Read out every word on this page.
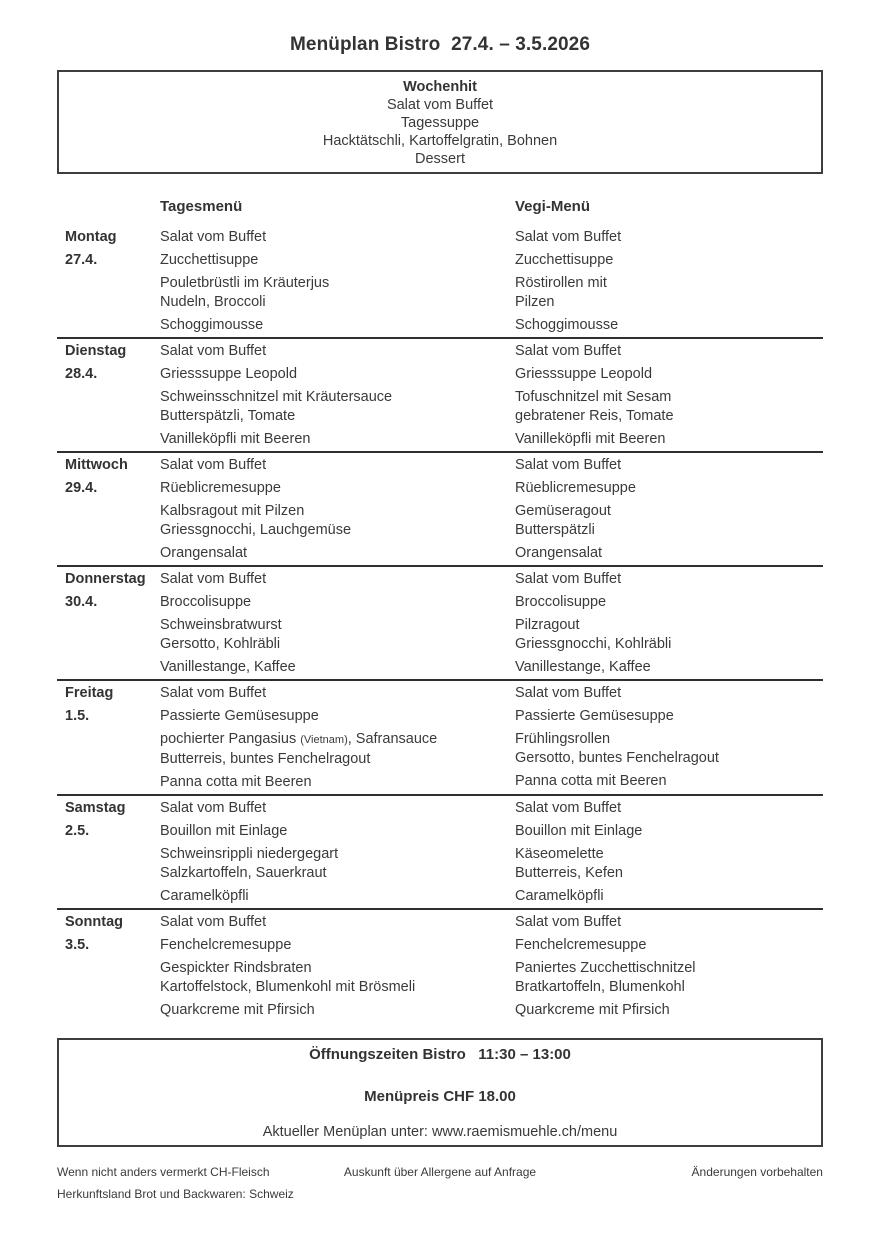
Menüplan Bistro  27.4. – 3.5.2026
Wochenhit
Salat vom Buffet
Tagessuppe
Hacktätschli, Kartoffelgratin, Bohnen
Dessert
Tagesmenü	Vegi-Menü
Montag
27.4.
Salat vom Buffet
Zucchettisuppe
Pouletbrüstli im Kräuterjus
Nudeln, Broccoli
Schoggimousse
Salat vom Buffet
Zucchettisuppe
Röstirollen mit
Pilzen
Schoggimousse
Dienstag
28.4.
Salat vom Buffet
Griesssuppe Leopold
Schweinsschnitzel mit Kräutersauce
Butterspätzli, Tomate
Vanilleköpfli mit Beeren
Salat vom Buffet
Griesssuppe Leopold
Tofuschnitzel mit Sesam
gebratener Reis, Tomate
Vanilleköpfli mit Beeren
Mittwoch
29.4.
Salat vom Buffet
Rüeblicremesuppe
Kalbsragout mit Pilzen
Griessgnocchi, Lauchgemüse
Orangensalat
Salat vom Buffet
Rüeblicremesuppe
Gemüseragout
Butterspätzli
Orangensalat
Donnerstag
30.4.
Salat vom Buffet
Broccolisuppe
Schweinsbratwurst
Gersotto, Kohlräbli
Vanillestange, Kaffee
Salat vom Buffet
Broccolisuppe
Pilzragout
Griessgnocchi, Kohlräbli
Vanillestange, Kaffee
Freitag
1.5.
Salat vom Buffet
Passierte Gemüsesuppe
pochierter Pangasius (Vietnam), Safransauce
Butterreis, buntes Fenchelragout
Panna cotta mit Beeren
Salat vom Buffet
Passierte Gemüsesuppe
Frühlingsrollen
Gersotto, buntes Fenchelragout
Panna cotta mit Beeren
Samstag
2.5.
Salat vom Buffet
Bouillon mit Einlage
Schweinsrippli niedergegart
Salzkartoffeln, Sauerkraut
Caramelköpfli
Salat vom Buffet
Bouillon mit Einlage
Käseomelette
Butterreis, Kefen
Caramelköpfli
Sonntag
3.5.
Salat vom Buffet
Fenchelcremesuppe
Gespickter Rindsbraten
Kartoffelstock, Blumenkohl mit Brösmeli
Quarkcreme mit Pfirsich
Salat vom Buffet
Fenchelcremesuppe
Paniertes Zucchettischnitzel
Bratkartoffeln, Blumenkohl
Quarkcreme mit Pfirsich
Öffnungszeiten Bistro   11:30 – 13:00
Menüpreis CHF 18.00
Aktueller Menüplan unter: www.raemismuehle.ch/menu
Wenn nicht anders vermerkt CH-Fleisch
Herkunftsland Brot und Backwaren: Schweiz
Auskunft über Allergene auf Anfrage	Änderungen vorbehalten
